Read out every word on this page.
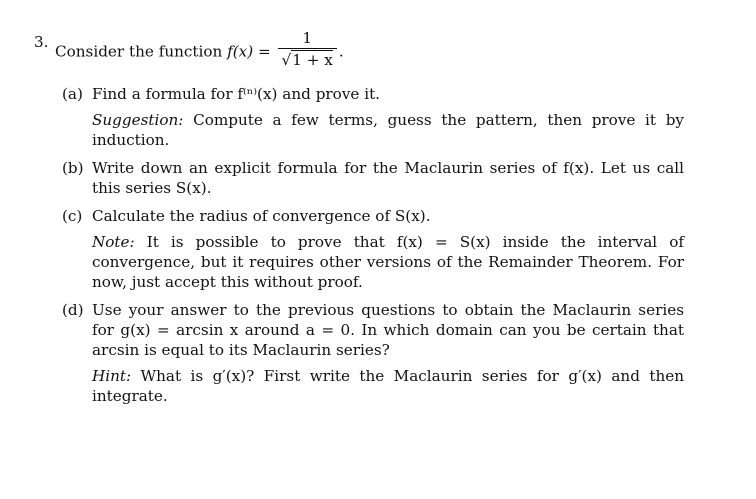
3.
Consider the function $f(x) = \frac{1}{√1 + x}$ .
(a) Find a formula for f⁽ⁿ⁾(x) and prove it.

Suggestion: Compute a few terms, guess the pattern, then prove it by induction.

(b) Write down an explicit formula for the Maclaurin series of f(x). Let us call this series S(x).

(c) Calculate the radius of convergence of S(x).

Note: It is possible to prove that f(x) = S(x) inside the interval of convergence, but it requires other versions of the Remainder Theorem. For now, just accept this without proof.

(d) Use your answer to the previous questions to obtain the Maclaurin series for g(x) = arcsin x around a = 0. In which domain can you be certain that arcsin is equal to its Maclaurin series?

Hint: What is g′(x)? First write the Maclaurin series for g′(x) and then integrate.
